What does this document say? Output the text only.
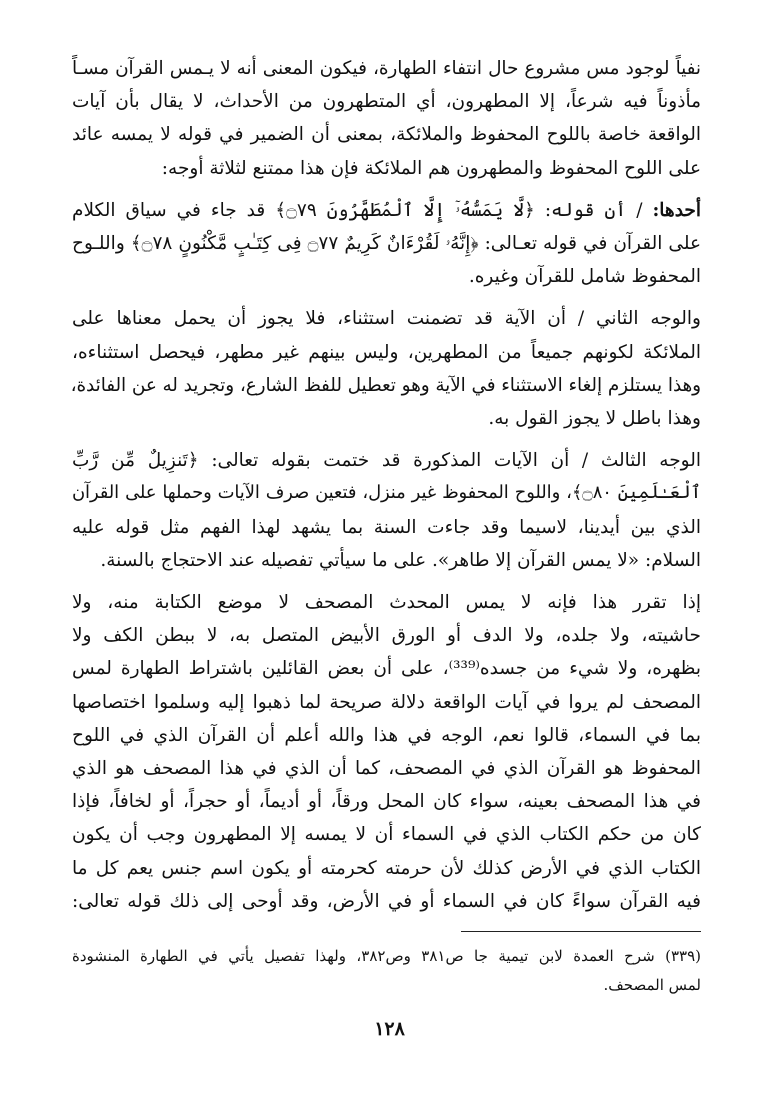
نفياً لوجود مس مشروع حال انتفاء الطهارة، فيكون المعنى أنه لا يـمس القرآن مسـاً
مأذوناً فيه شرعاً، إلا المطهرون، أي المتطهرون من الأحداث، لا يقال بأن آيات
الواقعة خاصة باللوح المحفوظ والملائكة، بمعنى أن الضمير في قوله لا يمسه عائد
على اللوح المحفوظ والمطهرون هم الملائكة فإن هذا ممتنع لثلاثة أوجه:
أحدها: / أن قوله: ﴿لَّا يَمَسُّهُۥٓ إِلَّا ٱلْمُطَهَّرُونَ ۝٧٩﴾ قد جاء في سياق الكلام
على القرآن في قوله تعـالى: ﴿إِنَّهُۥ لَقُرْءَانٌ كَرِيمٌ ۝٧٧ فِى كِتَـٰبٍ مَّكْنُونٍ ۝٧٨﴾ واللـوح
المحفوظ شامل للقرآن وغيره.
والوجه الثاني / أن الآية قد تضمنت استثناء، فلا يجوز أن يحمل معناها على
الملائكة لكونهم جميعاً من المطهرين، وليس بينهم غير مطهر، فيحصل استثناءه،
وهذا يستلزم إلغاء الاستثناء في الآية وهو تعطيل للفظ الشارع، وتجريد له عن الفائدة،
وهذا باطل لا يجوز القول به.
الوجه الثالث / أن الآيات المذكورة قد ختمت بقوله تعالى: ﴿تَنزِيلٌ مِّن رَّبِّ
ٱلْعَـٰلَمِينَ ۝٨٠﴾، واللوح المحفوظ غير منزل، فتعين صرف الآيات وحملها على القرآن
الذي بين أيدينا، لاسيما وقد جاءت السنة بما يشهد لهذا الفهم مثل قوله عليه
السلام: «لا يمس القرآن إلا طاهر». على ما سيأتي تفصيله عند الاحتجاج بالسنة.
إذا تقرر هذا فإنه لا يمس المحدث المصحف لا موضع الكتابة منه، ولا
حاشيته، ولا جلده، ولا الدف أو الورق الأبيض المتصل به، لا ببطن الكف ولا
بظهره، ولا شيء من جسده⁽³³⁹⁾، على أن بعض القائلين باشتراط الطهارة لمس
المصحف لم يروا في آيات الواقعة دلالة صريحة لما ذهبوا إليه وسلموا اختصاصها
بما في السماء، قالوا نعم، الوجه في هذا والله أعلم أن القرآن الذي في اللوح
المحفوظ هو القرآن الذي في المصحف، كما أن الذي في هذا المصحف هو الذي
في هذا المصحف بعينه، سواء كان المحل ورقاً، أو أديماً، أو حجراً، أو لخافاً، فإذا
كان من حكم الكتاب الذي في السماء أن لا يمسه إلا المطهرون وجب أن يكون
الكتاب الذي في الأرض كذلك لأن حرمته كحرمته أو يكون اسم جنس يعم كل ما
فيه القرآن سواءً كان في السماء أو في الأرض، وقد أوحى إلى ذلك قوله تعالى:
(٣٣٩) شرح العمدة لابن تيمية جا ص٣٨١ وص٣٨٢، ولهذا تفصيل يأتي في الطهارة المنشودة
لمس المصحف.
١٢٨
